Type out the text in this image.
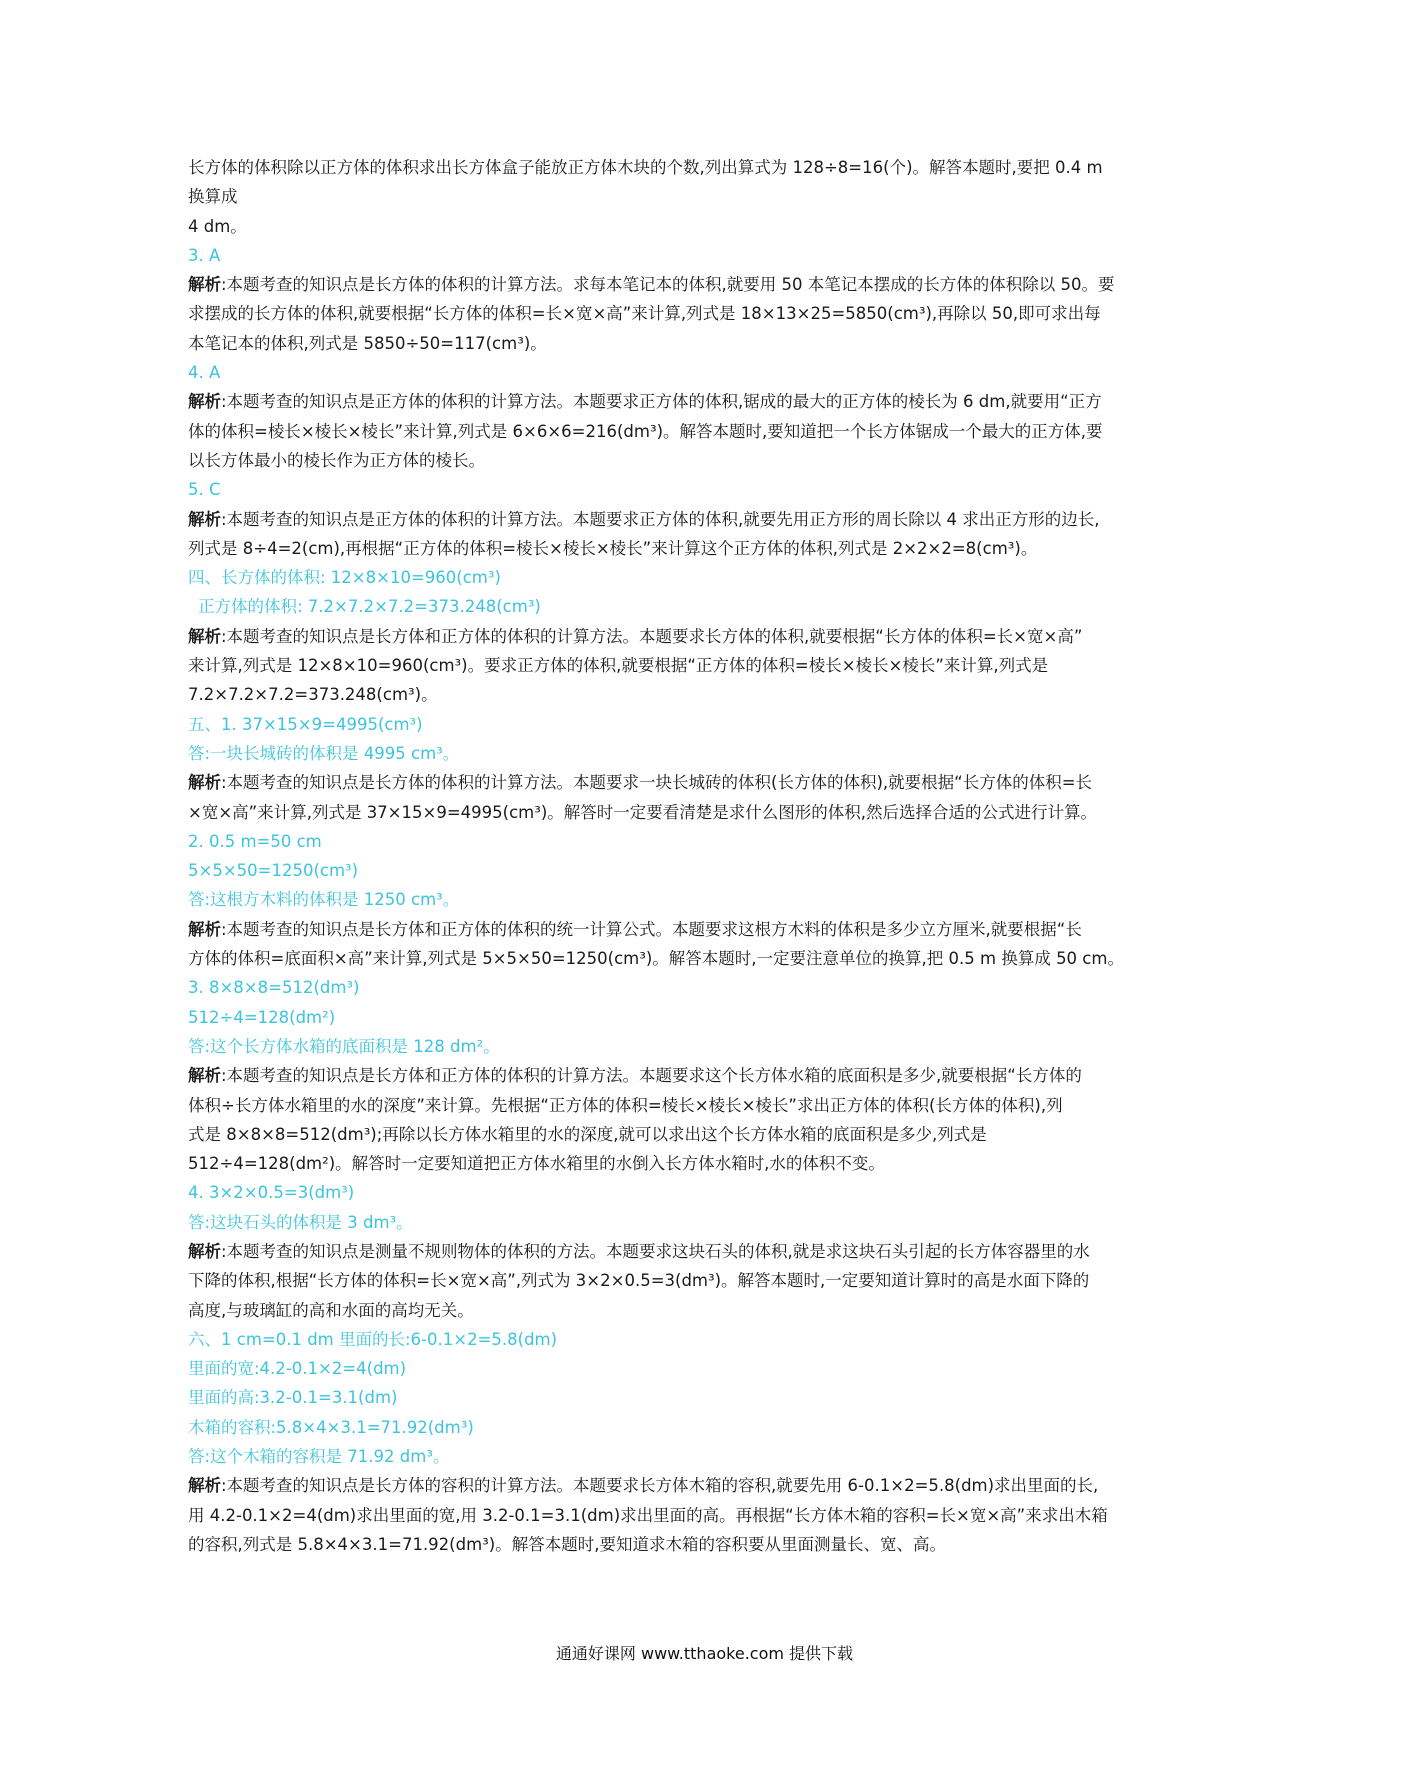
长方体的体积除以正方体的体积求出长方体盒子能放正方体木块的个数,列出算式为 128÷8=16(个)。解答本题时,要把 0.4 m
换算成
4 dm。
3. A
解析:本题考查的知识点是长方体的体积的计算方法。求每本笔记本的体积,就要用 50 本笔记本摆成的长方体的体积除以 50。要
求摆成的长方体的体积,就要根据“长方体的体积=长×宽×高”来计算,列式是 18×13×25=5850(cm³),再除以 50,即可求出每
本笔记本的体积,列式是 5850÷50=117(cm³)。
4. A
解析:本题考查的知识点是正方体的体积的计算方法。本题要求正方体的体积,锯成的最大的正方体的棱长为 6 dm,就要用“正方
体的体积=棱长×棱长×棱长”来计算,列式是 6×6×6=216(dm³)。解答本题时,要知道把一个长方体锯成一个最大的正方体,要
以长方体最小的棱长作为正方体的棱长。
5. C
解析:本题考查的知识点是正方体的体积的计算方法。本题要求正方体的体积,就要先用正方形的周长除以 4 求出正方形的边长,
列式是 8÷4=2(cm),再根据“正方体的体积=棱长×棱长×棱长”来计算这个正方体的体积,列式是 2×2×2=8(cm³)。
四、长方体的体积: 12×8×10=960(cm³)
正方体的体积: 7.2×7.2×7.2=373.248(cm³)
解析:本题考查的知识点是长方体和正方体的体积的计算方法。本题要求长方体的体积,就要根据“长方体的体积=长×宽×高”
来计算,列式是 12×8×10=960(cm³)。要求正方体的体积,就要根据“正方体的体积=棱长×棱长×棱长”来计算,列式是
7.2×7.2×7.2=373.248(cm³)。
五、1. 37×15×9=4995(cm³)
答:一块长城砖的体积是 4995 cm³。
解析:本题考查的知识点是长方体的体积的计算方法。本题要求一块长城砖的体积(长方体的体积),就要根据“长方体的体积=长
×宽×高”来计算,列式是 37×15×9=4995(cm³)。解答时一定要看清楚是求什么图形的体积,然后选择合适的公式进行计算。
2. 0.5 m=50 cm
5×5×50=1250(cm³)
答:这根方木料的体积是 1250 cm³。
解析:本题考查的知识点是长方体和正方体的体积的统一计算公式。本题要求这根方木料的体积是多少立方厘米,就要根据“长
方体的体积=底面积×高”来计算,列式是 5×5×50=1250(cm³)。解答本题时,一定要注意单位的换算,把 0.5 m 换算成 50 cm。
3. 8×8×8=512(dm³)
512÷4=128(dm²)
答:这个长方体水箱的底面积是 128 dm²。
解析:本题考查的知识点是长方体和正方体的体积的计算方法。本题要求这个长方体水箱的底面积是多少,就要根据“长方体的
体积÷长方体水箱里的水的深度”来计算。先根据“正方体的体积=棱长×棱长×棱长”求出正方体的体积(长方体的体积),列
式是 8×8×8=512(dm³);再除以长方体水箱里的水的深度,就可以求出这个长方体水箱的底面积是多少,列式是
512÷4=128(dm²)。解答时一定要知道把正方体水箱里的水倒入长方体水箱时,水的体积不变。
4. 3×2×0.5=3(dm³)
答:这块石头的体积是 3 dm³。
解析:本题考查的知识点是测量不规则物体的体积的方法。本题要求这块石头的体积,就是求这块石头引起的长方体容器里的水
下降的体积,根据“长方体的体积=长×宽×高”,列式为 3×2×0.5=3(dm³)。解答本题时,一定要知道计算时的高是水面下降的
高度,与玻璃缸的高和水面的高均无关。
六、1 cm=0.1 dm 里面的长:6-0.1×2=5.8(dm)
里面的宽:4.2-0.1×2=4(dm)
里面的高:3.2-0.1=3.1(dm)
木箱的容积:5.8×4×3.1=71.92(dm³)
答:这个木箱的容积是 71.92 dm³。
解析:本题考查的知识点是长方体的容积的计算方法。本题要求长方体木箱的容积,就要先用 6-0.1×2=5.8(dm)求出里面的长,
用 4.2-0.1×2=4(dm)求出里面的宽,用 3.2-0.1=3.1(dm)求出里面的高。再根据“长方体木箱的容积=长×宽×高”来求出木箱
的容积,列式是 5.8×4×3.1=71.92(dm³)。解答本题时,要知道求木箱的容积要从里面测量长、宽、高。
通通好课网 www.tthaoke.com 提供下载
